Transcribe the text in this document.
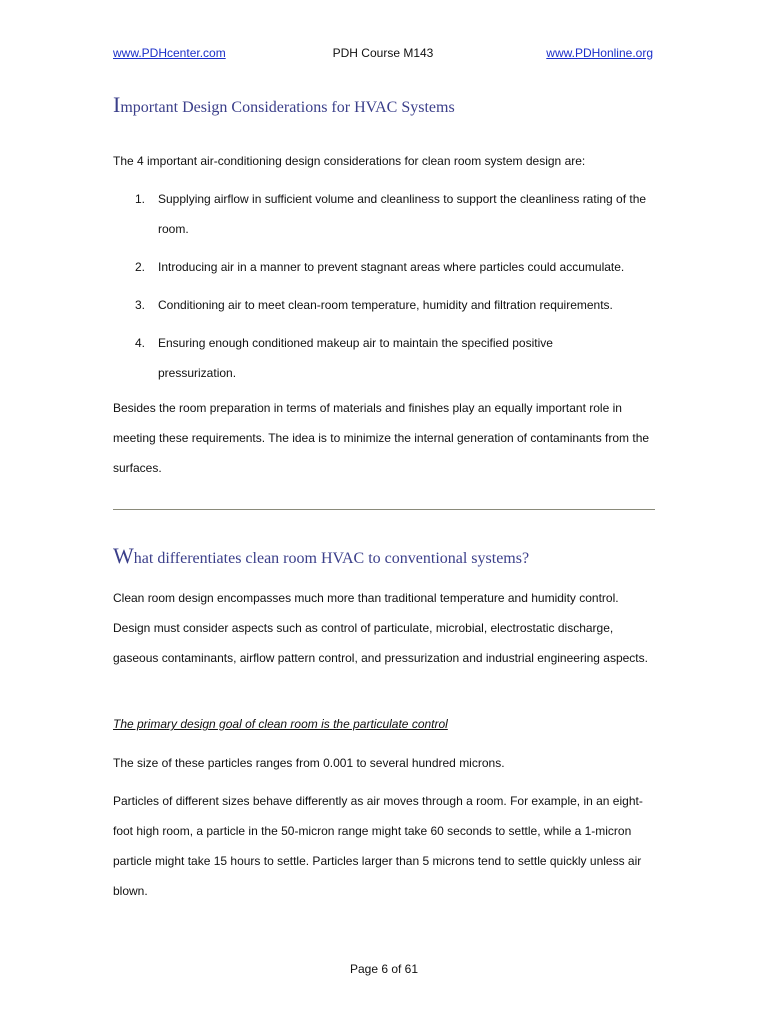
www.PDHcenter.com	PDH Course M143	www.PDHonline.org
Important Design Considerations for HVAC Systems

The 4 important air-conditioning design considerations for clean room system design are:

1. Supplying airflow in sufficient volume and cleanliness to support the cleanliness rating of the room.
2. Introducing air in a manner to prevent stagnant areas where particles could accumulate.
3. Conditioning air to meet clean-room temperature, humidity and filtration requirements.
4. Ensuring enough conditioned makeup air to maintain the specified positive pressurization.

Besides the room preparation in terms of materials and finishes play an equally important role in meeting these requirements. The idea is to minimize the internal generation of contaminants from the surfaces.

What differentiates clean room HVAC to conventional systems?

Clean room design encompasses much more than traditional temperature and humidity control. Design must consider aspects such as control of particulate, microbial, electrostatic discharge, gaseous contaminants, airflow pattern control, and pressurization and industrial engineering aspects.

The primary design goal of clean room is the particulate control

The size of these particles ranges from 0.001 to several hundred microns.

Particles of different sizes behave differently as air moves through a room. For example, in an eight-foot high room, a particle in the 50-micron range might take 60 seconds to settle, while a 1-micron particle might take 15 hours to settle. Particles larger than 5 microns tend to settle quickly unless air blown.

Page 6 of 61
